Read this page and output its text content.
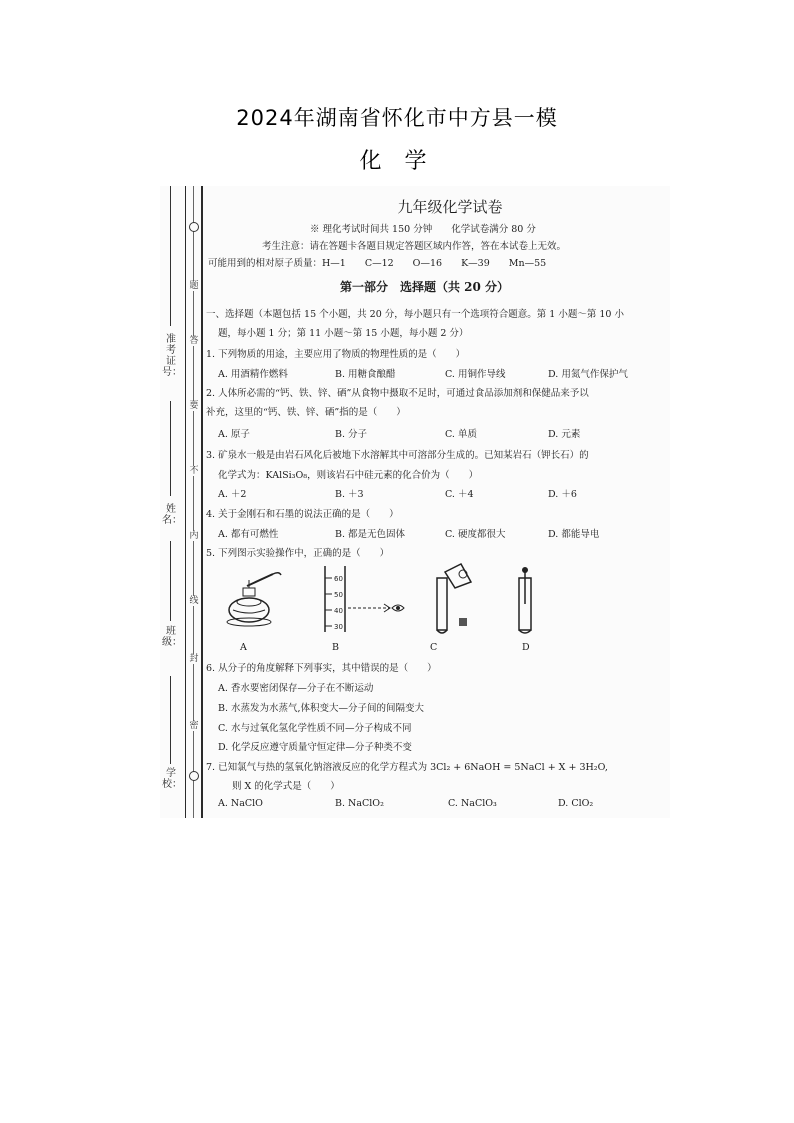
2024年湖南省怀化市中方县一模
化 学
准考证号：
姓名：
班级：
学校：
题
答
要
不
内
线
封
密
九年级化学试卷
※ 理化考试时间共 150 分钟　　化学试卷满分 80 分
考生注意：请在答题卡各题目规定答题区域内作答，答在本试卷上无效。
可能用到的相对原子质量：H—1　　C—12　　O—16　　K—39　　Mn—55
第一部分　选择题（共 20 分）
一、选择题（本题包括 15 个小题，共 20 分，每小题只有一个选项符合题意。第 1 小题～第 10 小
题，每小题 1 分；第 11 小题～第 15 小题，每小题 2 分）
1. 下列物质的用途，主要应用了物质的物理性质的是（　　）
A. 用酒精作燃料	B. 用糖食酿醋	C. 用铜作导线	D. 用氮气作保护气
2. 人体所必需的“钙、铁、锌、硒”从食物中摄取不足时，可通过食品添加剂和保健品来予以
补充，这里的“钙、铁、锌、硒”指的是（　　）
A. 原子	B. 分子	C. 单质	D. 元素
3. 矿泉水一般是由岩石风化后被地下水溶解其中可溶部分生成的。已知某岩石（钾长石）的
化学式为：KAlSi₃O₈，则该岩石中硅元素的化合价为（　　）
A. ＋2	B. ＋3	C. ＋4	D. ＋6
4. 关于金刚石和石墨的说法正确的是（　　）
A. 都有可燃性	B. 都是无色固体	C. 硬度都很大	D. 都能导电
5. 下列图示实验操作中，正确的是（　　）
60
50
40
30
A	B	C	D
6. 从分子的角度解释下列事实，其中错误的是（　　）
A. 香水要密闭保存—分子在不断运动
B. 水蒸发为水蒸气,体积变大—分子间的间隔变大
C. 水与过氧化氢化学性质不同—分子构成不同
D. 化学反应遵守质量守恒定律—分子种类不变
7. 已知氯气与热的氢氧化钠溶液反应的化学方程式为 3Cl₂ + 6NaOH = 5NaCl + X + 3H₂O,
则 X 的化学式是（　　）
A. NaClO	B. NaClO₂	C. NaClO₃	D. ClO₂
